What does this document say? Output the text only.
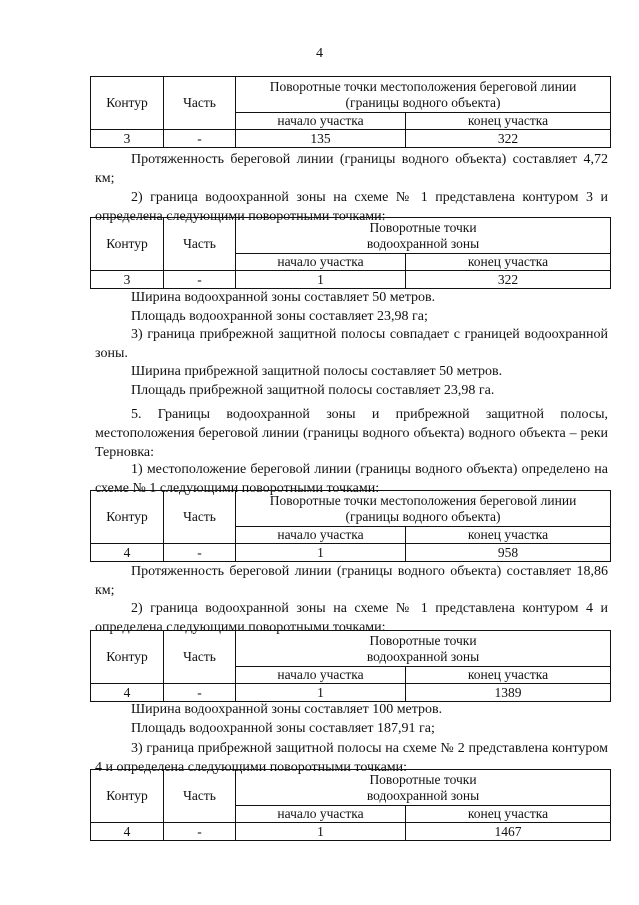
4
Контур	Часть	Поворотные точки местоположения береговой линии
(границы водного объекта)	
		начало участка	конец участка
3	-	135	322

Протяженность береговой линии (границы водного объекта) составляет 4,72 км;

2) граница водоохранной зоны на схеме № 1 представлена контуром 3 и определена следующими поворотными точками:

Контур	Часть	Поворотные точки
водоохранной зоны	
		начало участка	конец участка
3	-	1	322

Ширина водоохранной зоны составляет 50 метров.

Площадь водоохранной зоны составляет 23,98 га;

3) граница прибрежной защитной полосы совпадает с границей водоохранной зоны.

Ширина прибрежной защитной полосы составляет 50 метров.

Площадь прибрежной защитной полосы составляет 23,98 га.

5. Границы водоохранной зоны и прибрежной защитной полосы, местоположения береговой линии (границы водного объекта) водного объекта – реки Терновка:

1) местоположение береговой линии (границы водного объекта) определено на схеме № 1 следующими поворотными точками:

Контур	Часть	Поворотные точки местоположения береговой линии
(границы водного объекта)	
		начало участка	конец участка
4	-	1	958

Протяженность береговой линии (границы водного объекта) составляет 18,86 км;

2) граница водоохранной зоны на схеме № 1 представлена контуром 4 и определена следующими поворотными точками:

Контур	Часть	Поворотные точки
водоохранной зоны	
		начало участка	конец участка
4	-	1	1389

Ширина водоохранной зоны составляет 100 метров.

Площадь водоохранной зоны составляет 187,91 га;

3) граница прибрежной защитной полосы на схеме № 2 представлена контуром 4 и определена следующими поворотными точками:

Контур	Часть	Поворотные точки
водоохранной зоны	
		начало участка	конец участка
4	-	1	1467
